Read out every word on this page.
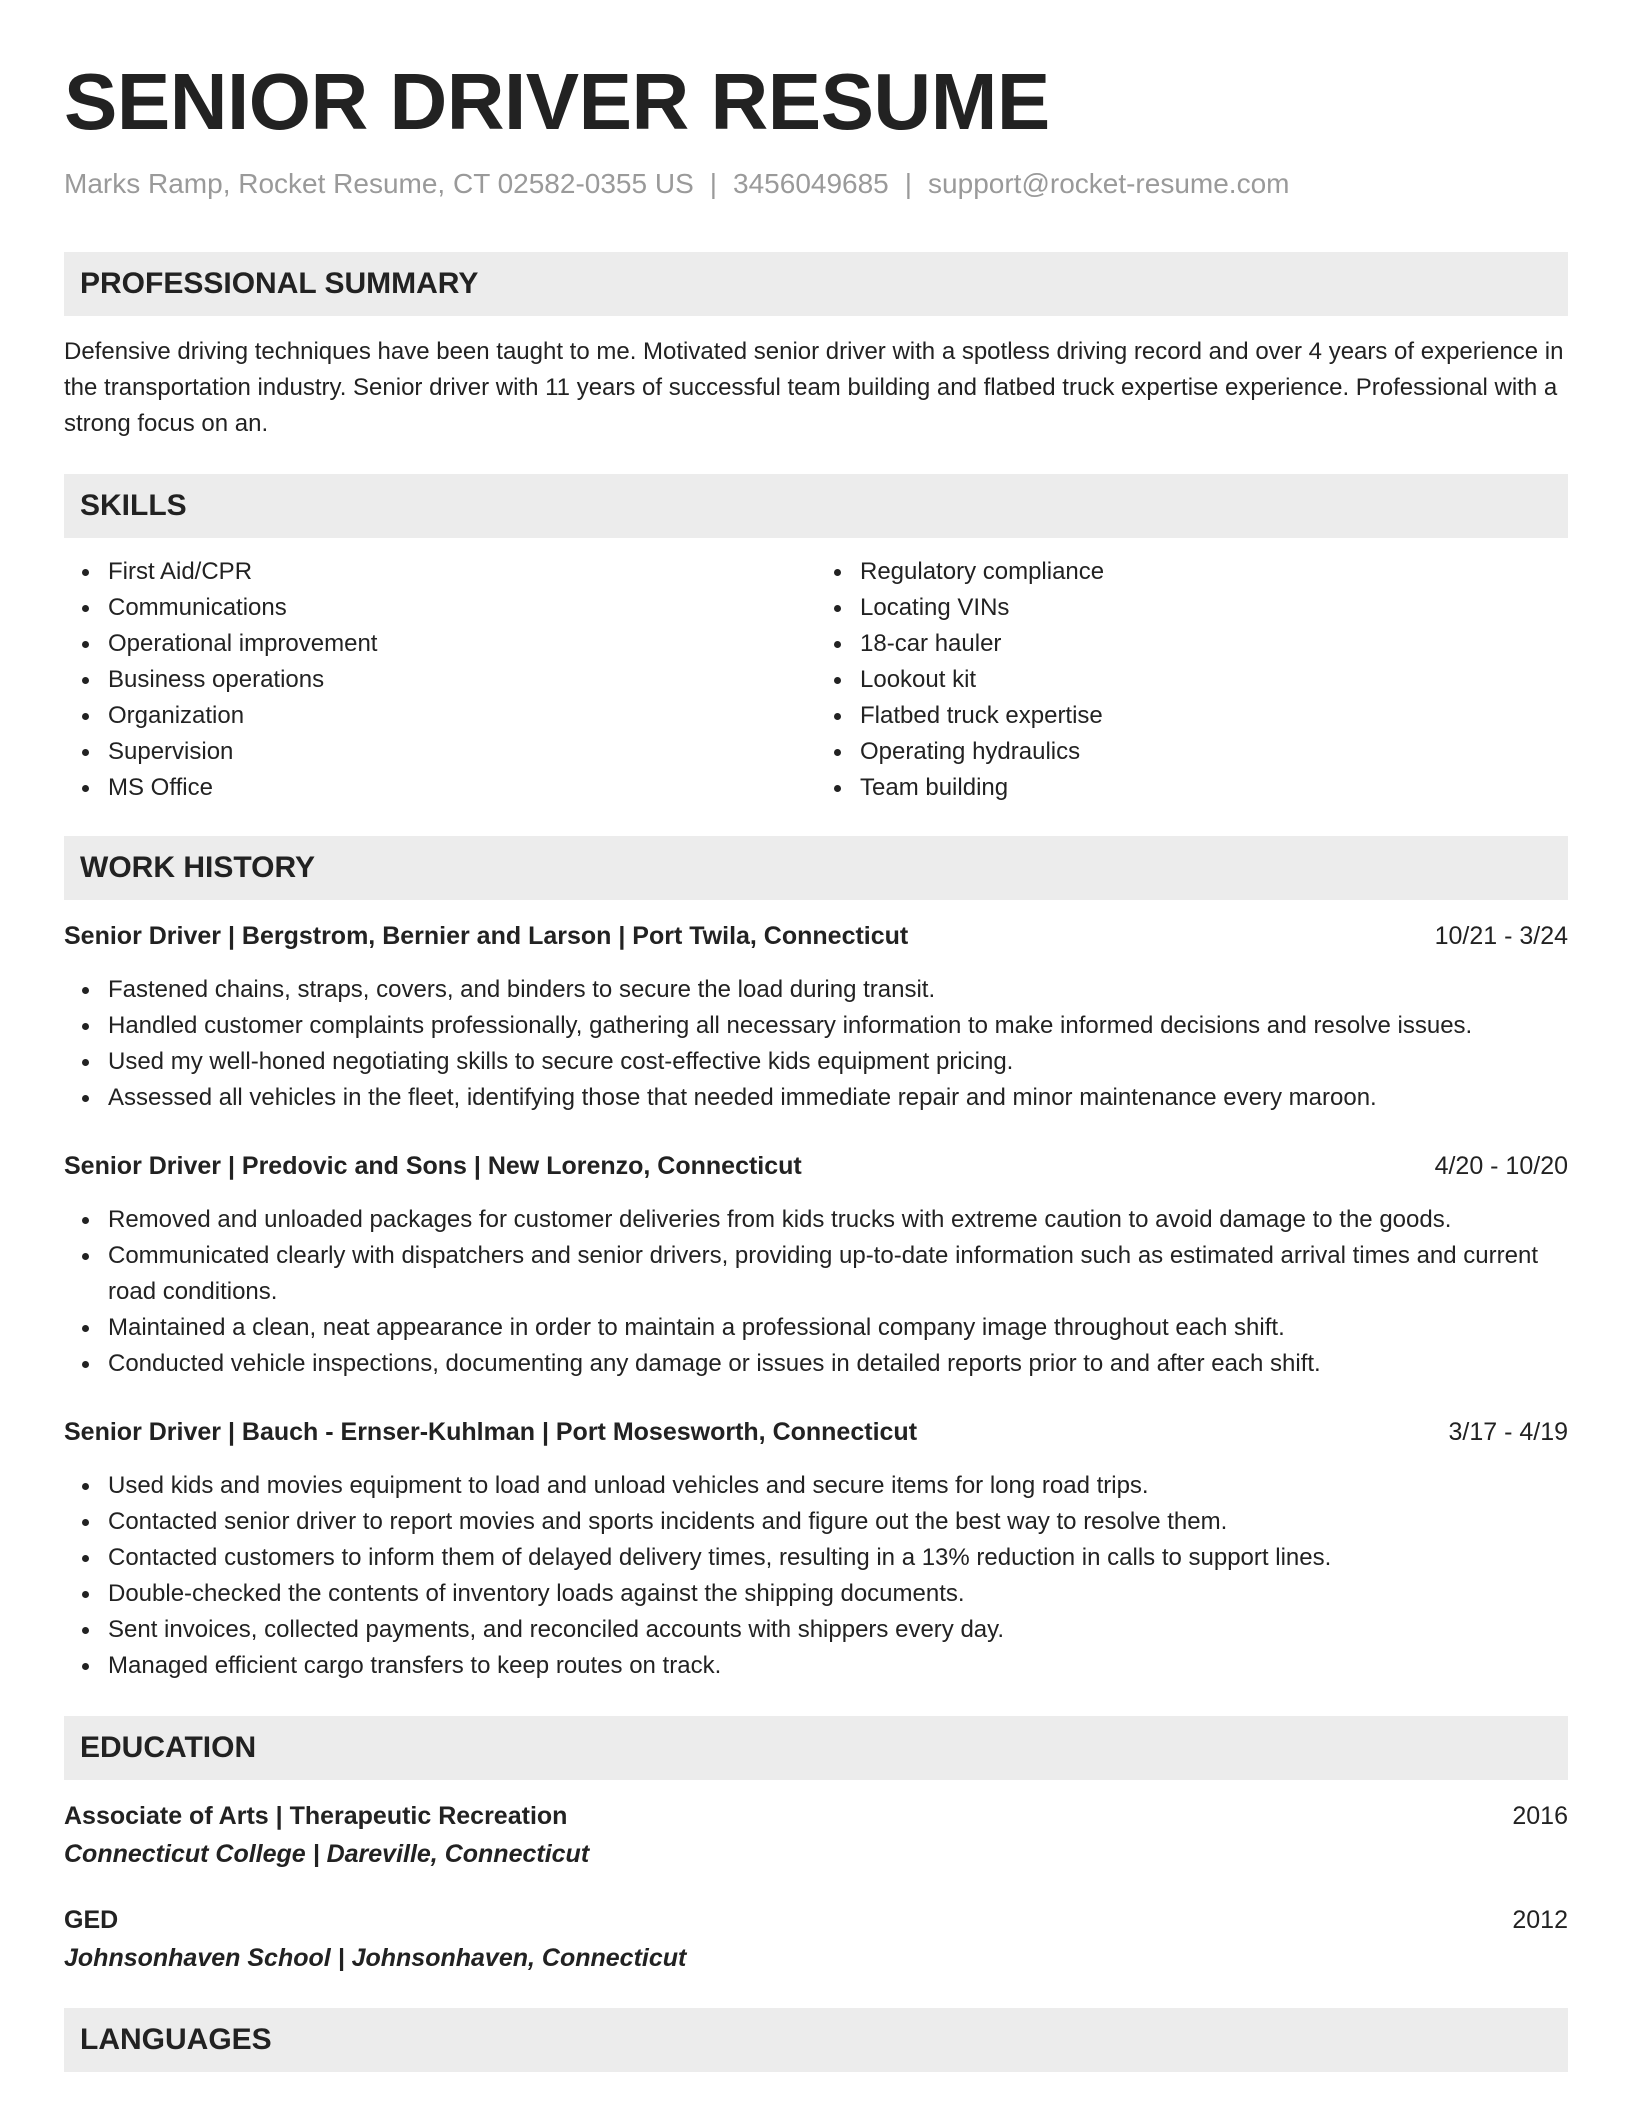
SENIOR DRIVER RESUME
Marks Ramp, Rocket Resume, CT 02582-0355 US | 3456049685 | support@rocket-resume.com
PROFESSIONAL SUMMARY

Defensive driving techniques have been taught to me. Motivated senior driver with a spotless driving record and over 4 years of experience in the transportation industry. Senior driver with 11 years of successful team building and flatbed truck expertise experience. Professional with a strong focus on an.

SKILLS
First Aid/CPR
Communications
Operational improvement
Business operations
Organization
Supervision
MS Office
Regulatory compliance
Locating VINs
18-car hauler
Lookout kit
Flatbed truck expertise
Operating hydraulics
Team building
WORK HISTORY
Senior Driver | Bergstrom, Bernier and Larson | Port Twila, Connecticut	10/21 - 3/24
Fastened chains, straps, covers, and binders to secure the load during transit.
Handled customer complaints professionally, gathering all necessary information to make informed decisions and resolve issues.
Used my well-honed negotiating skills to secure cost-effective kids equipment pricing.
Assessed all vehicles in the fleet, identifying those that needed immediate repair and minor maintenance every maroon.
Senior Driver | Predovic and Sons | New Lorenzo, Connecticut	4/20 - 10/20
Removed and unloaded packages for customer deliveries from kids trucks with extreme caution to avoid damage to the goods.
Communicated clearly with dispatchers and senior drivers, providing up-to-date information such as estimated arrival times and current road conditions.
Maintained a clean, neat appearance in order to maintain a professional company image throughout each shift.
Conducted vehicle inspections, documenting any damage or issues in detailed reports prior to and after each shift.
Senior Driver | Bauch - Ernser-Kuhlman | Port Mosesworth, Connecticut	3/17 - 4/19
Used kids and movies equipment to load and unload vehicles and secure items for long road trips.
Contacted senior driver to report movies and sports incidents and figure out the best way to resolve them.
Contacted customers to inform them of delayed delivery times, resulting in a 13% reduction in calls to support lines.
Double-checked the contents of inventory loads against the shipping documents.
Sent invoices, collected payments, and reconciled accounts with shippers every day.
Managed efficient cargo transfers to keep routes on track.
EDUCATION
Associate of Arts | Therapeutic Recreation	2016
Connecticut College | Dareville, Connecticut
GED	2012
Johnsonhaven School | Johnsonhaven, Connecticut
LANGUAGES
